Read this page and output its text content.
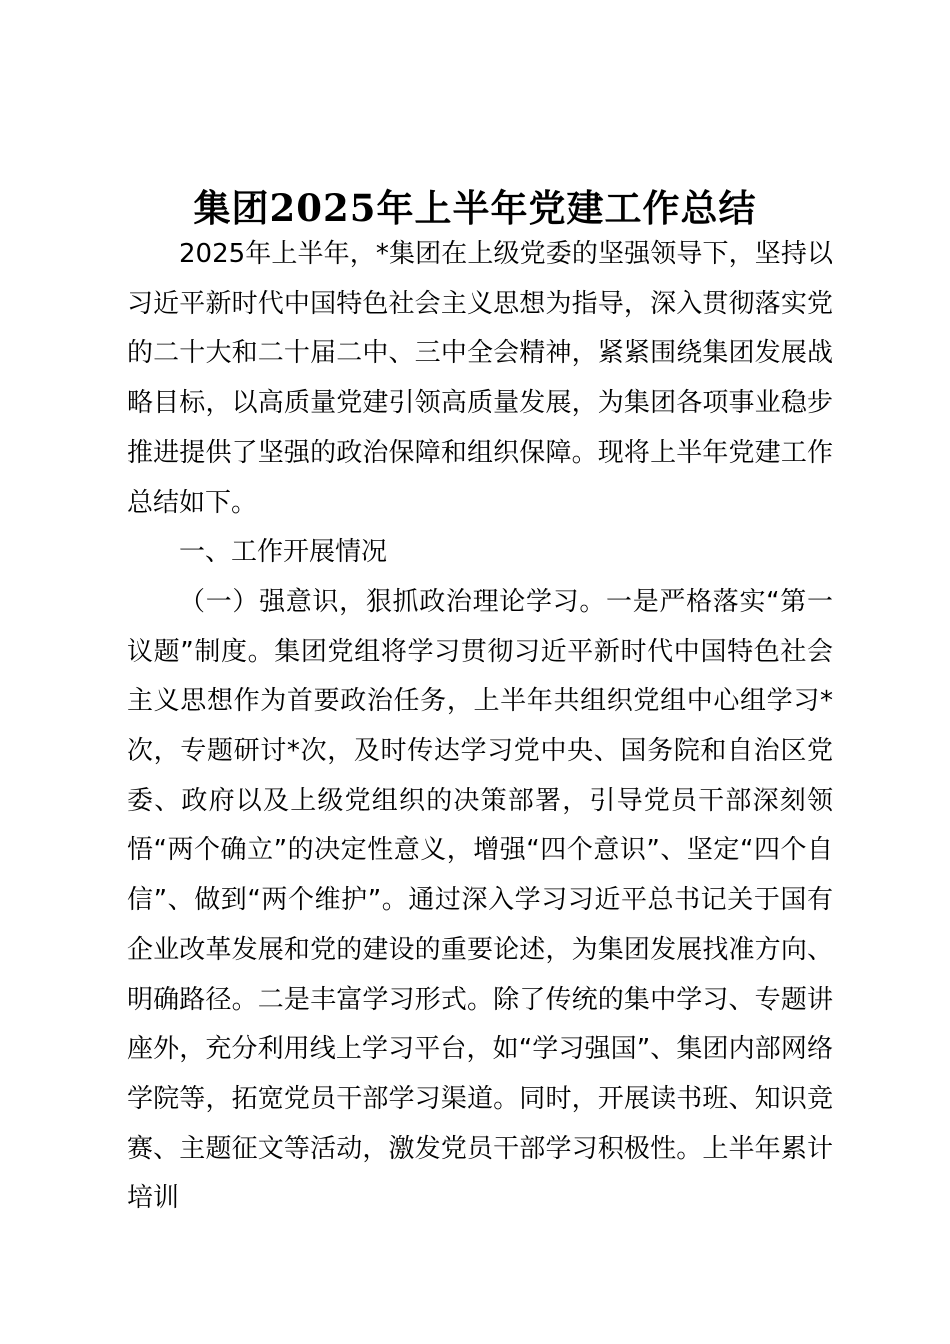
集团2025年上半年党建工作总结

2025年上半年，*集团在上级党委的坚强领导下，坚持以习近平新时代中国特色社会主义思想为指导，深入贯彻落实党的二十大和二十届二中、三中全会精神，紧紧围绕集团发展战略目标，以高质量党建引领高质量发展，为集团各项事业稳步推进提供了坚强的政治保障和组织保障。现将上半年党建工作总结如下。

一、工作开展情况

（一）强意识，狠抓政治理论学习。一是严格落实“第一议题”制度。集团党组将学习贯彻习近平新时代中国特色社会主义思想作为首要政治任务，上半年共组织党组中心组学习*次，专题研讨*次，及时传达学习党中央、国务院和自治区党委、政府以及上级党组织的决策部署，引导党员干部深刻领悟“两个确立”的决定性意义，增强“四个意识”、坚定“四个自信”、做到“两个维护”。通过深入学习习近平总书记关于国有企业改革发展和党的建设的重要论述，为集团发展找准方向、明确路径。二是丰富学习形式。除了传统的集中学习、专题讲座外，充分利用线上学习平台，如“学习强国”、集团内部网络学院等，拓宽党员干部学习渠道。同时，开展读书班、知识竞赛、主题征文等活动，激发党员干部学习积极性。上半年累计培训
